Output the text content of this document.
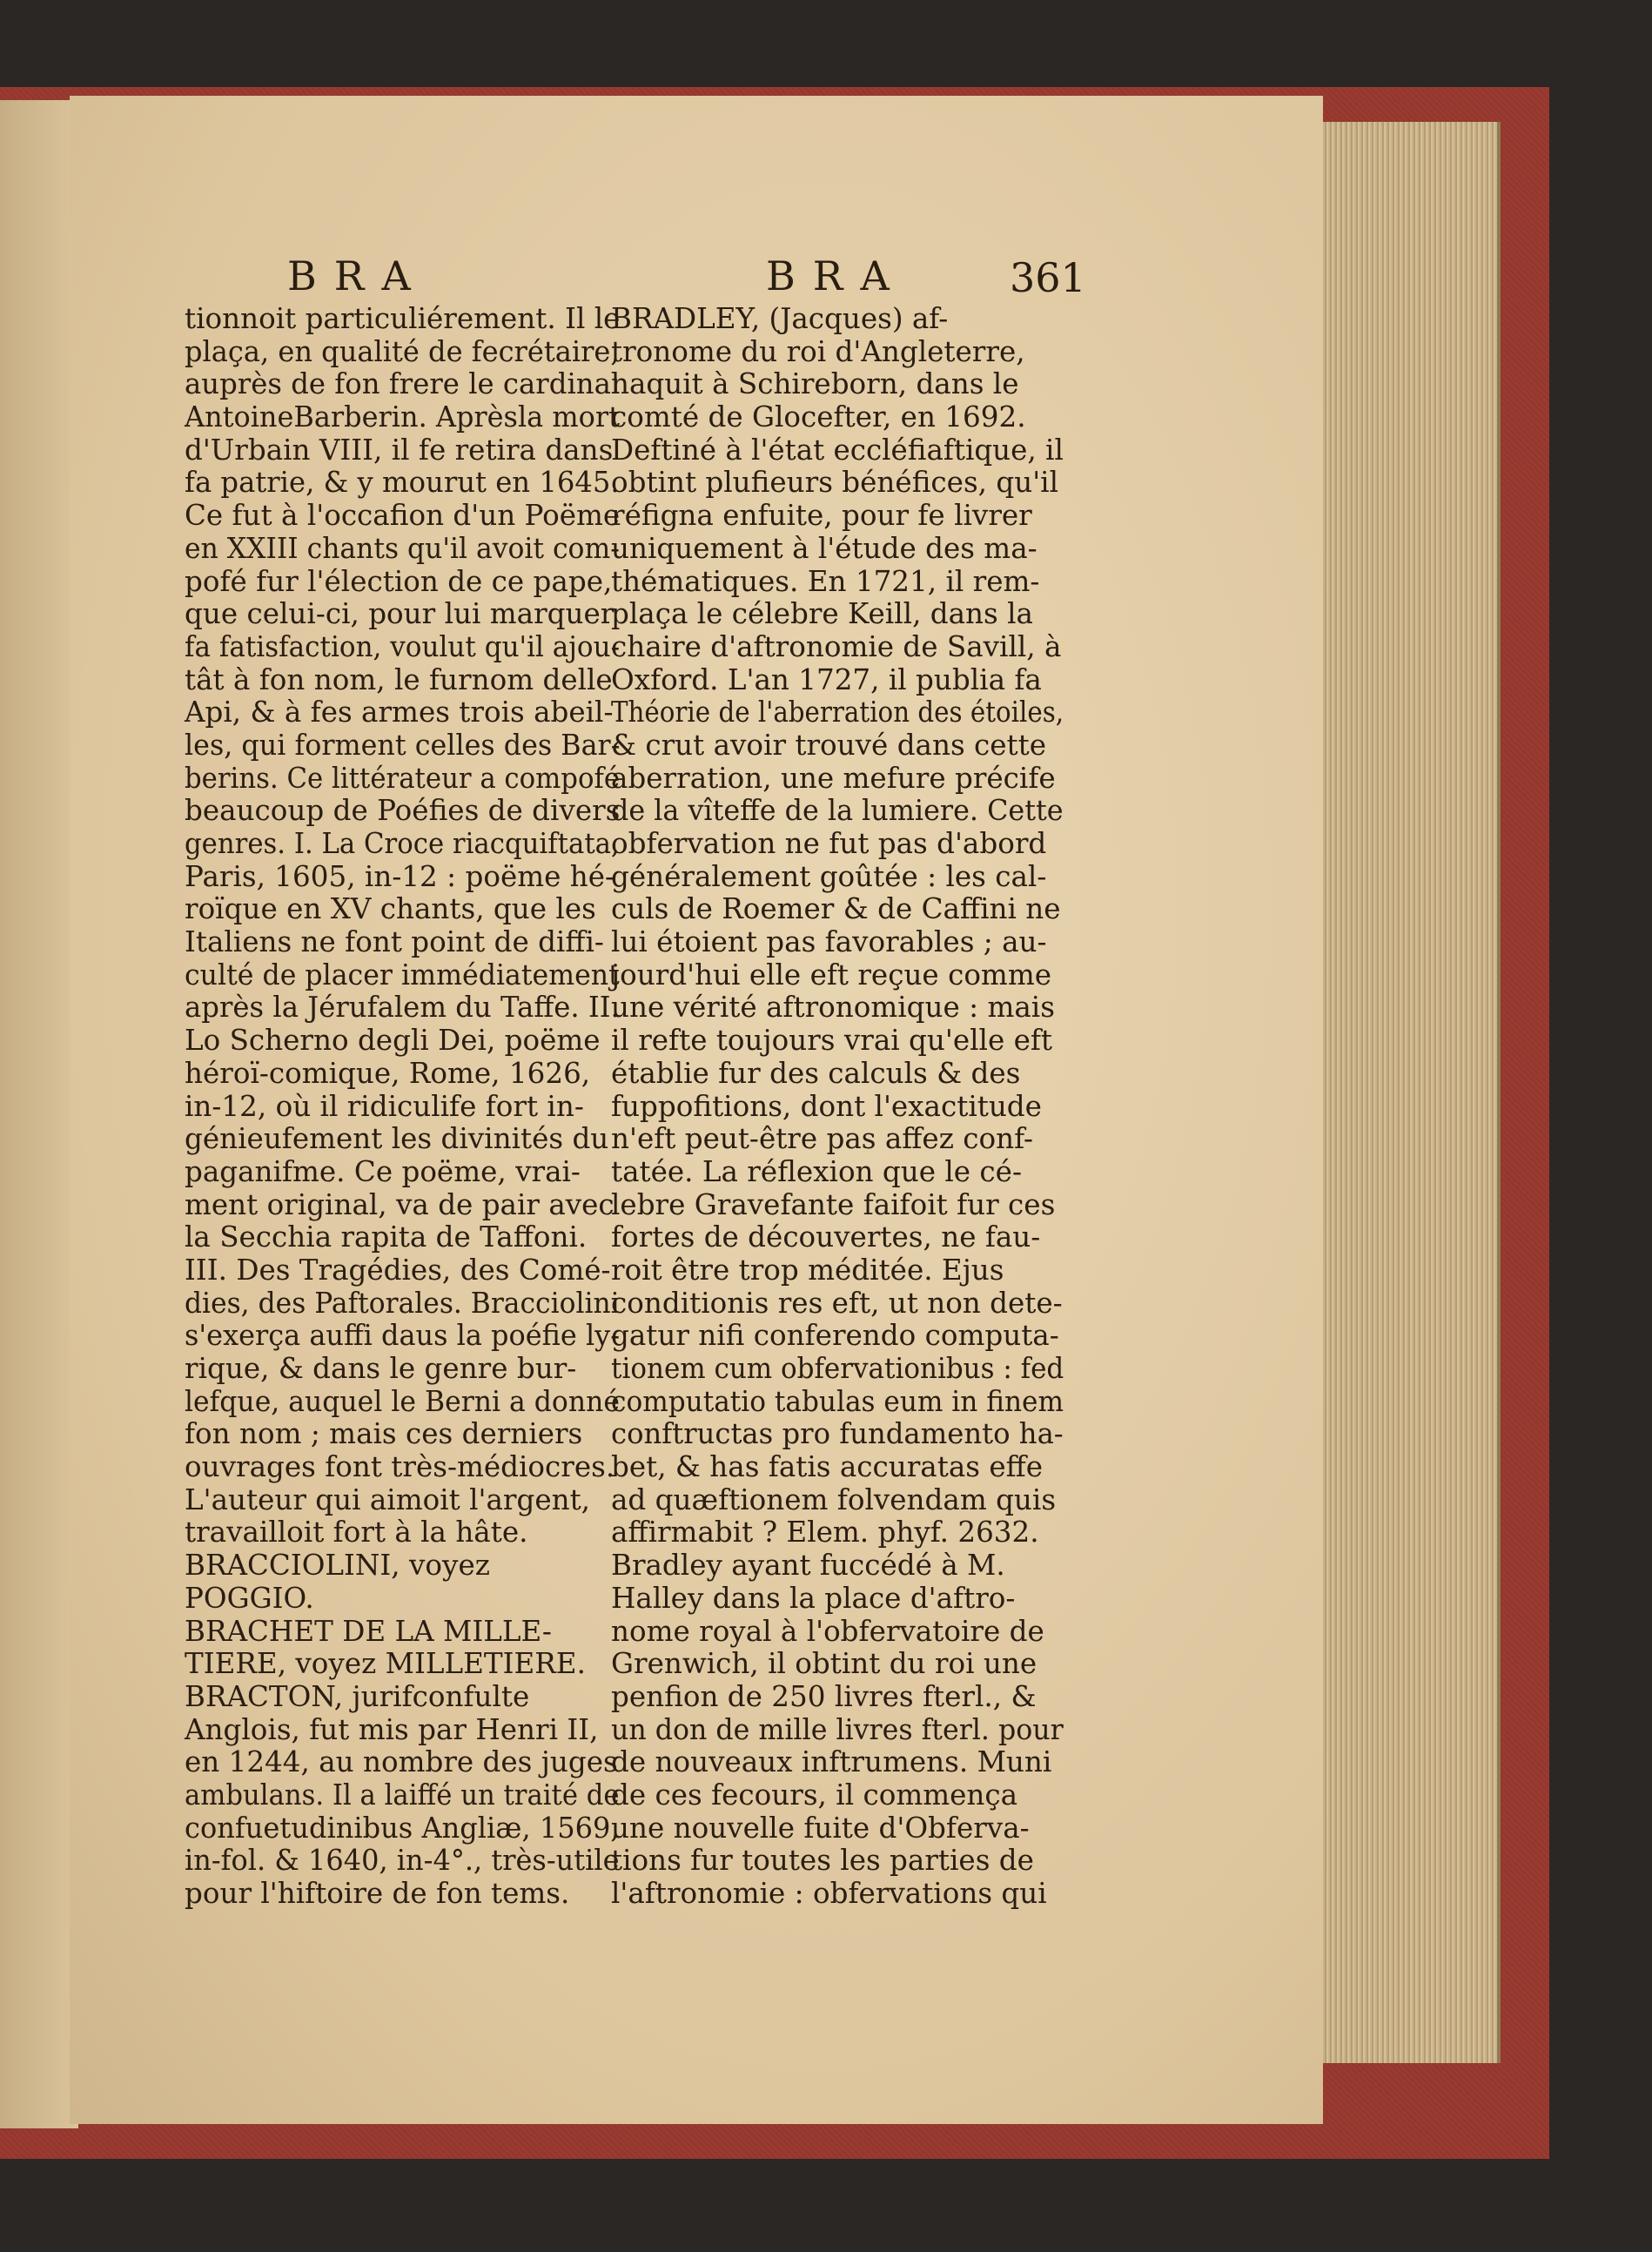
BRA	BRA	361
tionnoit particuliérement. Il le
plaça, en qualité de fecrétaire,
auprès de fon frere le cardinal
AntoineBarberin. Aprèsla mort
d'Urbain VIII, il fe retira dans
fa patrie, & y mourut en 1645.
Ce fut à l'occafion d'un Poëme
en XXIII chants qu'il avoit com-
pofé fur l'élection de ce pape,
que celui-ci, pour lui marquer
fa fatisfaction, voulut qu'il ajou-
tât à fon nom, le furnom delle
Api, & à fes armes trois abeil-
les, qui forment celles des Bar-
berins. Ce littérateur a compofé
beaucoup de Poéfies de divers
genres. I. La Croce riacquiftata,
Paris, 1605, in-12 : poëme hé-
roïque en XV chants, que les
Italiens ne font point de diffi-
culté de placer immédiatement
après la Jérufalem du Taffe. II.
Lo Scherno degli Dei, poëme
héroï-comique, Rome, 1626,
in-12, où il ridiculife fort in-
génieufement les divinités du
paganifme. Ce poëme, vrai-
ment original, va de pair avec
la Secchia rapita de Taffoni.
III. Des Tragédies, des Comé-
dies, des Paftorales. Bracciolini
s'exerça auffi daus la poéfie ly-
rique, & dans le genre bur-
lefque, auquel le Berni a donné
fon nom ; mais ces derniers
ouvrages font très-médiocres.
L'auteur qui aimoit l'argent,
travailloit fort à la hâte.
BRACCIOLINI, voyez
POGGIO.
BRACHET DE LA MILLE-
TIERE, voyez MILLETIERE.
BRACTON, jurifconfulte
Anglois, fut mis par Henri II,
en 1244, au nombre des juges
ambulans. Il a laiffé un traité de
confuetudinibus Angliæ, 1569,
in-fol. & 1640, in-4°., très-utile
pour l'hiftoire de fon tems.
BRADLEY, (Jacques) af-
tronome du roi d'Angleterre,
naquit à Schireborn, dans le
comté de Glocefter, en 1692.
Deftiné à l'état eccléfiaftique, il
obtint plufieurs bénéfices, qu'il
réfigna enfuite, pour fe livrer
uniquement à l'étude des ma-
thématiques. En 1721, il rem-
plaça le célebre Keill, dans la
chaire d'aftronomie de Savill, à
Oxford. L'an 1727, il publia fa
Théorie de l'aberration des étoiles,
& crut avoir trouvé dans cette
aberration, une mefure précife
de la vîteffe de la lumiere. Cette
obfervation ne fut pas d'abord
généralement goûtée : les cal-
culs de Roemer & de Caffini ne
lui étoient pas favorables ; au-
jourd'hui elle eft reçue comme
une vérité aftronomique : mais
il refte toujours vrai qu'elle eft
établie fur des calculs & des
fuppofitions, dont l'exactitude
n'eft peut-être pas affez conf-
tatée. La réflexion que le cé-
lebre Gravefante faifoit fur ces
fortes de découvertes, ne fau-
roit être trop méditée. Ejus
conditionis res eft, ut non dete-
gatur nifi conferendo computa-
tionem cum obfervationibus : fed
computatio tabulas eum in finem
conftructas pro fundamento ha-
bet, & has fatis accuratas effe
ad quæftionem folvendam quis
affirmabit ? Elem. phyf. 2632.
Bradley ayant fuccédé à M.
Halley dans la place d'aftro-
nome royal à l'obfervatoire de
Grenwich, il obtint du roi une
penfion de 250 livres fterl., &
un don de mille livres fterl. pour
de nouveaux inftrumens. Muni
de ces fecours, il commença
une nouvelle fuite d'Obferva-
tions fur toutes les parties de
l'aftronomie : obfervations qui
